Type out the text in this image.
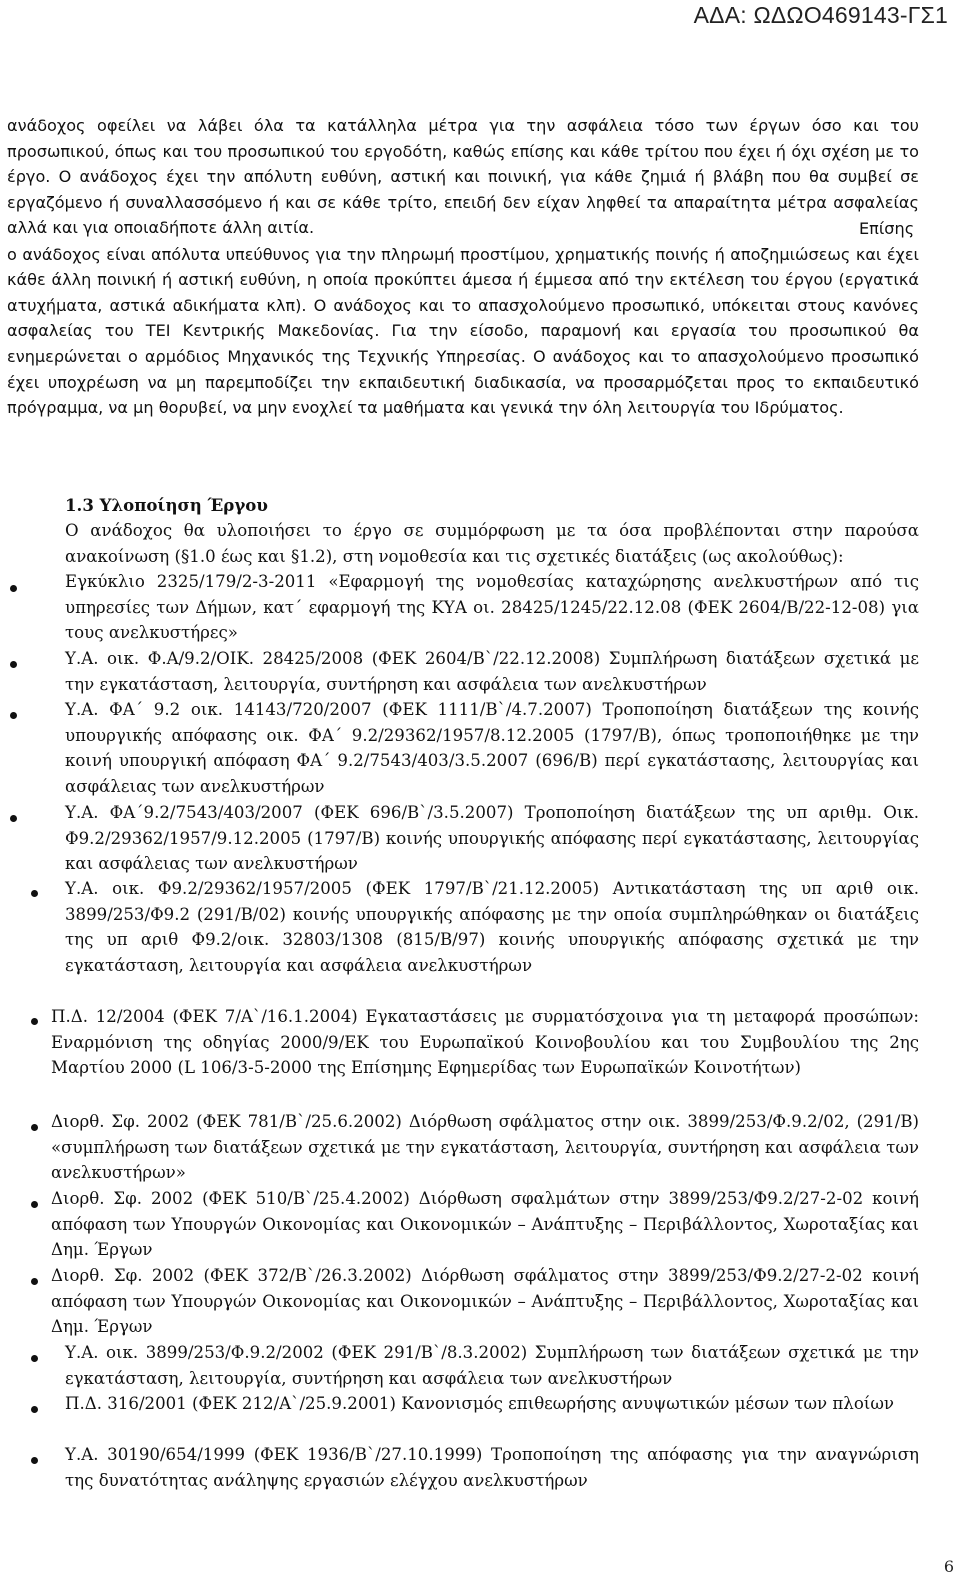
ΑΔΑ: ΩΔΩΟ469143-ΓΣ1

ανάδοχος οφείλει να λάβει όλα τα κατάλληλα μέτρα για την ασφάλεια τόσο των έργων όσο και του προσωπικού, όπως και του προσωπικού του εργοδότη, καθώς επίσης και κάθε τρίτου που έχει ή όχι σχέση με το έργο. Ο ανάδοχος έχει την απόλυτη ευθύνη, αστική και ποινική, για κάθε ζημιά ή βλάβη που θα συμβεί σε εργαζόμενο ή συναλλασσόμενο ή και σε κάθε τρίτο, επειδή δεν είχαν ληφθεί τα απαραίτητα μέτρα ασφαλείας αλλά και για οποιαδήποτε άλλη αιτία.	Επίσης ο ανάδοχος είναι απόλυτα υπεύθυνος για την πληρωμή προστίμου, χρηματικής ποινής ή αποζημιώσεως και έχει κάθε άλλη ποινική ή αστική ευθύνη, η οποία προκύπτει άμεσα ή έμμεσα από την εκτέλεση του έργου (εργατικά ατυχήματα, αστικά αδικήματα κλπ). Ο ανάδοχος και το απασχολούμενο προσωπικό, υπόκειται στους κανόνες ασφαλείας του ΤΕΙ Κεντρικής Μακεδονίας. Για την είσοδο, παραμονή και εργασία του προσωπικού θα ενημερώνεται ο αρμόδιος Μηχανικός της Τεχνικής Υπηρεσίας. Ο ανάδοχος και το απασχολούμενο προσωπικό έχει υποχρέωση να μη παρεμποδίζει την εκπαιδευτική διαδικασία, να προσαρμόζεται προς το εκπαιδευτικό πρόγραμμα, να μη θορυβεί, να μην ενοχλεί τα μαθήματα και γενικά την όλη λειτουργία του Ιδρύματος.

1.3 Υλοποίηση Έργου

Ο ανάδοχος θα υλοποιήσει το έργο σε συμμόρφωση με τα όσα προβλέπονται στην παρούσα ανακοίνωση (§1.0 έως και §1.2), στη νομοθεσία και τις σχετικές διατάξεις (ως ακολούθως):

Εγκύκλιο 2325/179/2-3-2011 «Εφαρμογή της νομοθεσίας καταχώρησης ανελκυστήρων από τις υπηρεσίες των Δήμων, κατ΄ εφαρμογή της ΚΥΑ οι. 28425/1245/22.12.08 (ΦΕΚ 2604/Β/22-12-08) για τους ανελκυστήρες»

Υ.Α. οικ. Φ.Α/9.2/ΟΙΚ. 28425/2008 (ΦΕΚ 2604/Β`/22.12.2008) Συμπλήρωση διατάξεων σχετικά με την εγκατάσταση, λειτουργία, συντήρηση και ασφάλεια των ανελκυστήρων

Υ.Α. ΦΑ΄ 9.2 οικ. 14143/720/2007 (ΦΕΚ 1111/Β`/4.7.2007) Τροποποίηση διατάξεων της κοινής υπουργικής απόφασης οικ. ΦΑ΄ 9.2/29362/1957/8.12.2005 (1797/Β), όπως τροποποιήθηκε με την κοινή υπουργική απόφαση ΦΑ΄ 9.2/7543/403/3.5.2007 (696/Β) περί εγκατάστασης, λειτουργίας και ασφάλειας των ανελκυστήρων

Υ.Α. ΦΑ΄9.2/7543/403/2007 (ΦΕΚ 696/Β`/3.5.2007) Τροποποίηση διατάξεων της υπ αριθμ. Οικ. Φ9.2/29362/1957/9.12.2005 (1797/Β) κοινής υπουργικής απόφασης περί εγκατάστασης, λειτουργίας και ασφάλειας των ανελκυστήρων

Υ.Α. οικ. Φ9.2/29362/1957/2005 (ΦΕΚ 1797/Β`/21.12.2005) Αντικατάσταση της υπ αριθ οικ. 3899/253/Φ9.2 (291/Β/02) κοινής υπουργικής απόφασης με την οποία συμπληρώθηκαν οι διατάξεις της υπ αριθ Φ9.2/οικ. 32803/1308 (815/Β/97) κοινής υπουργικής απόφασης σχετικά με την εγκατάσταση, λειτουργία και ασφάλεια ανελκυστήρων

Π.Δ. 12/2004 (ΦΕΚ 7/Α`/16.1.2004) Εγκαταστάσεις με συρματόσχοινα για τη μεταφορά προσώπων: Εναρμόνιση της οδηγίας 2000/9/ΕΚ του Ευρωπαϊκού Κοινοβουλίου και του Συμβουλίου της 2ης Μαρτίου 2000 (L 106/3-5-2000 της Επίσημης Εφημερίδας των Ευρωπαϊκών Κοινοτήτων)

Διορθ. Σφ. 2002 (ΦΕΚ 781/Β`/25.6.2002) Διόρθωση σφάλματος στην οικ. 3899/253/Φ.9.2/02, (291/Β) «συμπλήρωση των διατάξεων σχετικά με την εγκατάσταση, λειτουργία, συντήρηση και ασφάλεια των ανελκυστήρων»

Διορθ. Σφ. 2002 (ΦΕΚ 510/Β`/25.4.2002) Διόρθωση σφαλμάτων στην 3899/253/Φ9.2/27-2-02 κοινή απόφαση των Υπουργών Οικονομίας και Οικονομικών – Ανάπτυξης – Περιβάλλοντος, Χωροταξίας και Δημ. Έργων

Διορθ. Σφ. 2002 (ΦΕΚ 372/Β`/26.3.2002) Διόρθωση σφάλματος στην 3899/253/Φ9.2/27-2-02 κοινή απόφαση των Υπουργών Οικονομίας και Οικονομικών – Ανάπτυξης – Περιβάλλοντος, Χωροταξίας και Δημ. Έργων

Υ.Α. οικ. 3899/253/Φ.9.2/2002 (ΦΕΚ 291/Β`/8.3.2002) Συμπλήρωση των διατάξεων σχετικά με την εγκατάσταση, λειτουργία, συντήρηση και ασφάλεια των ανελκυστήρων

Π.Δ. 316/2001 (ΦΕΚ 212/Α`/25.9.2001) Κανονισμός επιθεωρήσης ανυψωτικών μέσων των πλοίων

Υ.Α. 30190/654/1999 (ΦΕΚ 1936/Β`/27.10.1999) Τροποποίηση της απόφασης για την αναγνώριση της δυνατότητας ανάληψης εργασιών ελέγχου ανελκυστήρων

6
